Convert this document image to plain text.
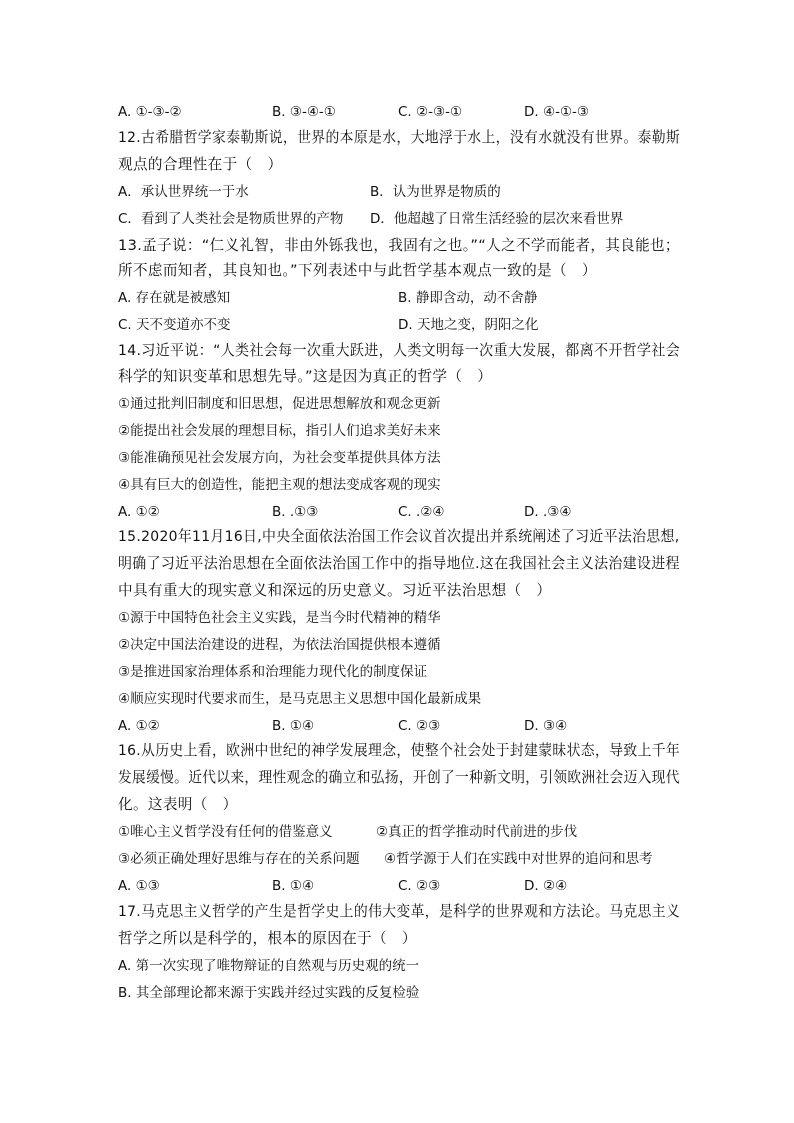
A. ①-③-②	B. ③-④-①	C. ②-③-①	D. ④-①-③
12.古希腊哲学家泰勒斯说，世界的本原是水，大地浮于水上，没有水就没有世界。泰勒斯
观点的合理性在于（　）
A．承认世界统一于水	B．认为世界是物质的
C．看到了人类社会是物质世界的产物 D．他超越了日常生活经验的层次来看世界
13.孟子说：“仁义礼智，非由外铄我也，我固有之也。”“人之不学而能者，其良能也；
所不虑而知者，其良知也。”下列表述中与此哲学基本观点一致的是（　）
A. 存在就是被感知	B. 静即含动，动不舍静
C. 天不变道亦不变	D. 天地之变，阴阳之化
14.习近平说：“人类社会每一次重大跃进，人类文明每一次重大发展，都离不开哲学社会
科学的知识变革和思想先导。”这是因为真正的哲学（　）
①通过批判旧制度和旧思想，促进思想解放和观念更新
②能提出社会发展的理想目标，指引人们追求美好未来
③能准确预见社会发展方向，为社会变革提供具体方法
④具有巨大的创造性，能把主观的想法变成客观的现实
A. ①②	B. .①③	C. .②④	D. .③④
15.2020年11月16日,中央全面依法治国工作会议首次提出并系统阐述了习近平法治思想,
明确了习近平法治思想在全面依法治国工作中的指导地位.这在我国社会主义法治建设进程
中具有重大的现实意义和深远的历史意义。习近平法治思想（　）
①源于中国特色社会主义实践，是当今时代精神的精华
②决定中国法治建设的进程，为依法治国提供根本遵循
③是推进国家治理体系和治理能力现代化的制度保证
④顺应实现时代要求而生，是马克思主义思想中国化最新成果
A. ①②	B. ①④	C. ②③	D. ③④
16.从历史上看，欧洲中世纪的神学发展理念，使整个社会处于封建蒙昧状态，导致上千年
发展缓慢。近代以来，理性观念的确立和弘扬，开创了一种新文明，引领欧洲社会迈入现代
化。这表明（　）
①唯心主义哲学没有任何的借鉴意义	②真正的哲学推动时代前进的步伐
③必须正确处理好思维与存在的关系问题 ④哲学源于人们在实践中对世界的追问和思考
A. ①③	B. ①④	C. ②③	D. ②④
17.马克思主义哲学的产生是哲学史上的伟大变革，是科学的世界观和方法论。马克思主义
哲学之所以是科学的，根本的原因在于（　）
A. 第一次实现了唯物辩证的自然观与历史观的统一
B. 其全部理论都来源于实践并经过实践的反复检验
